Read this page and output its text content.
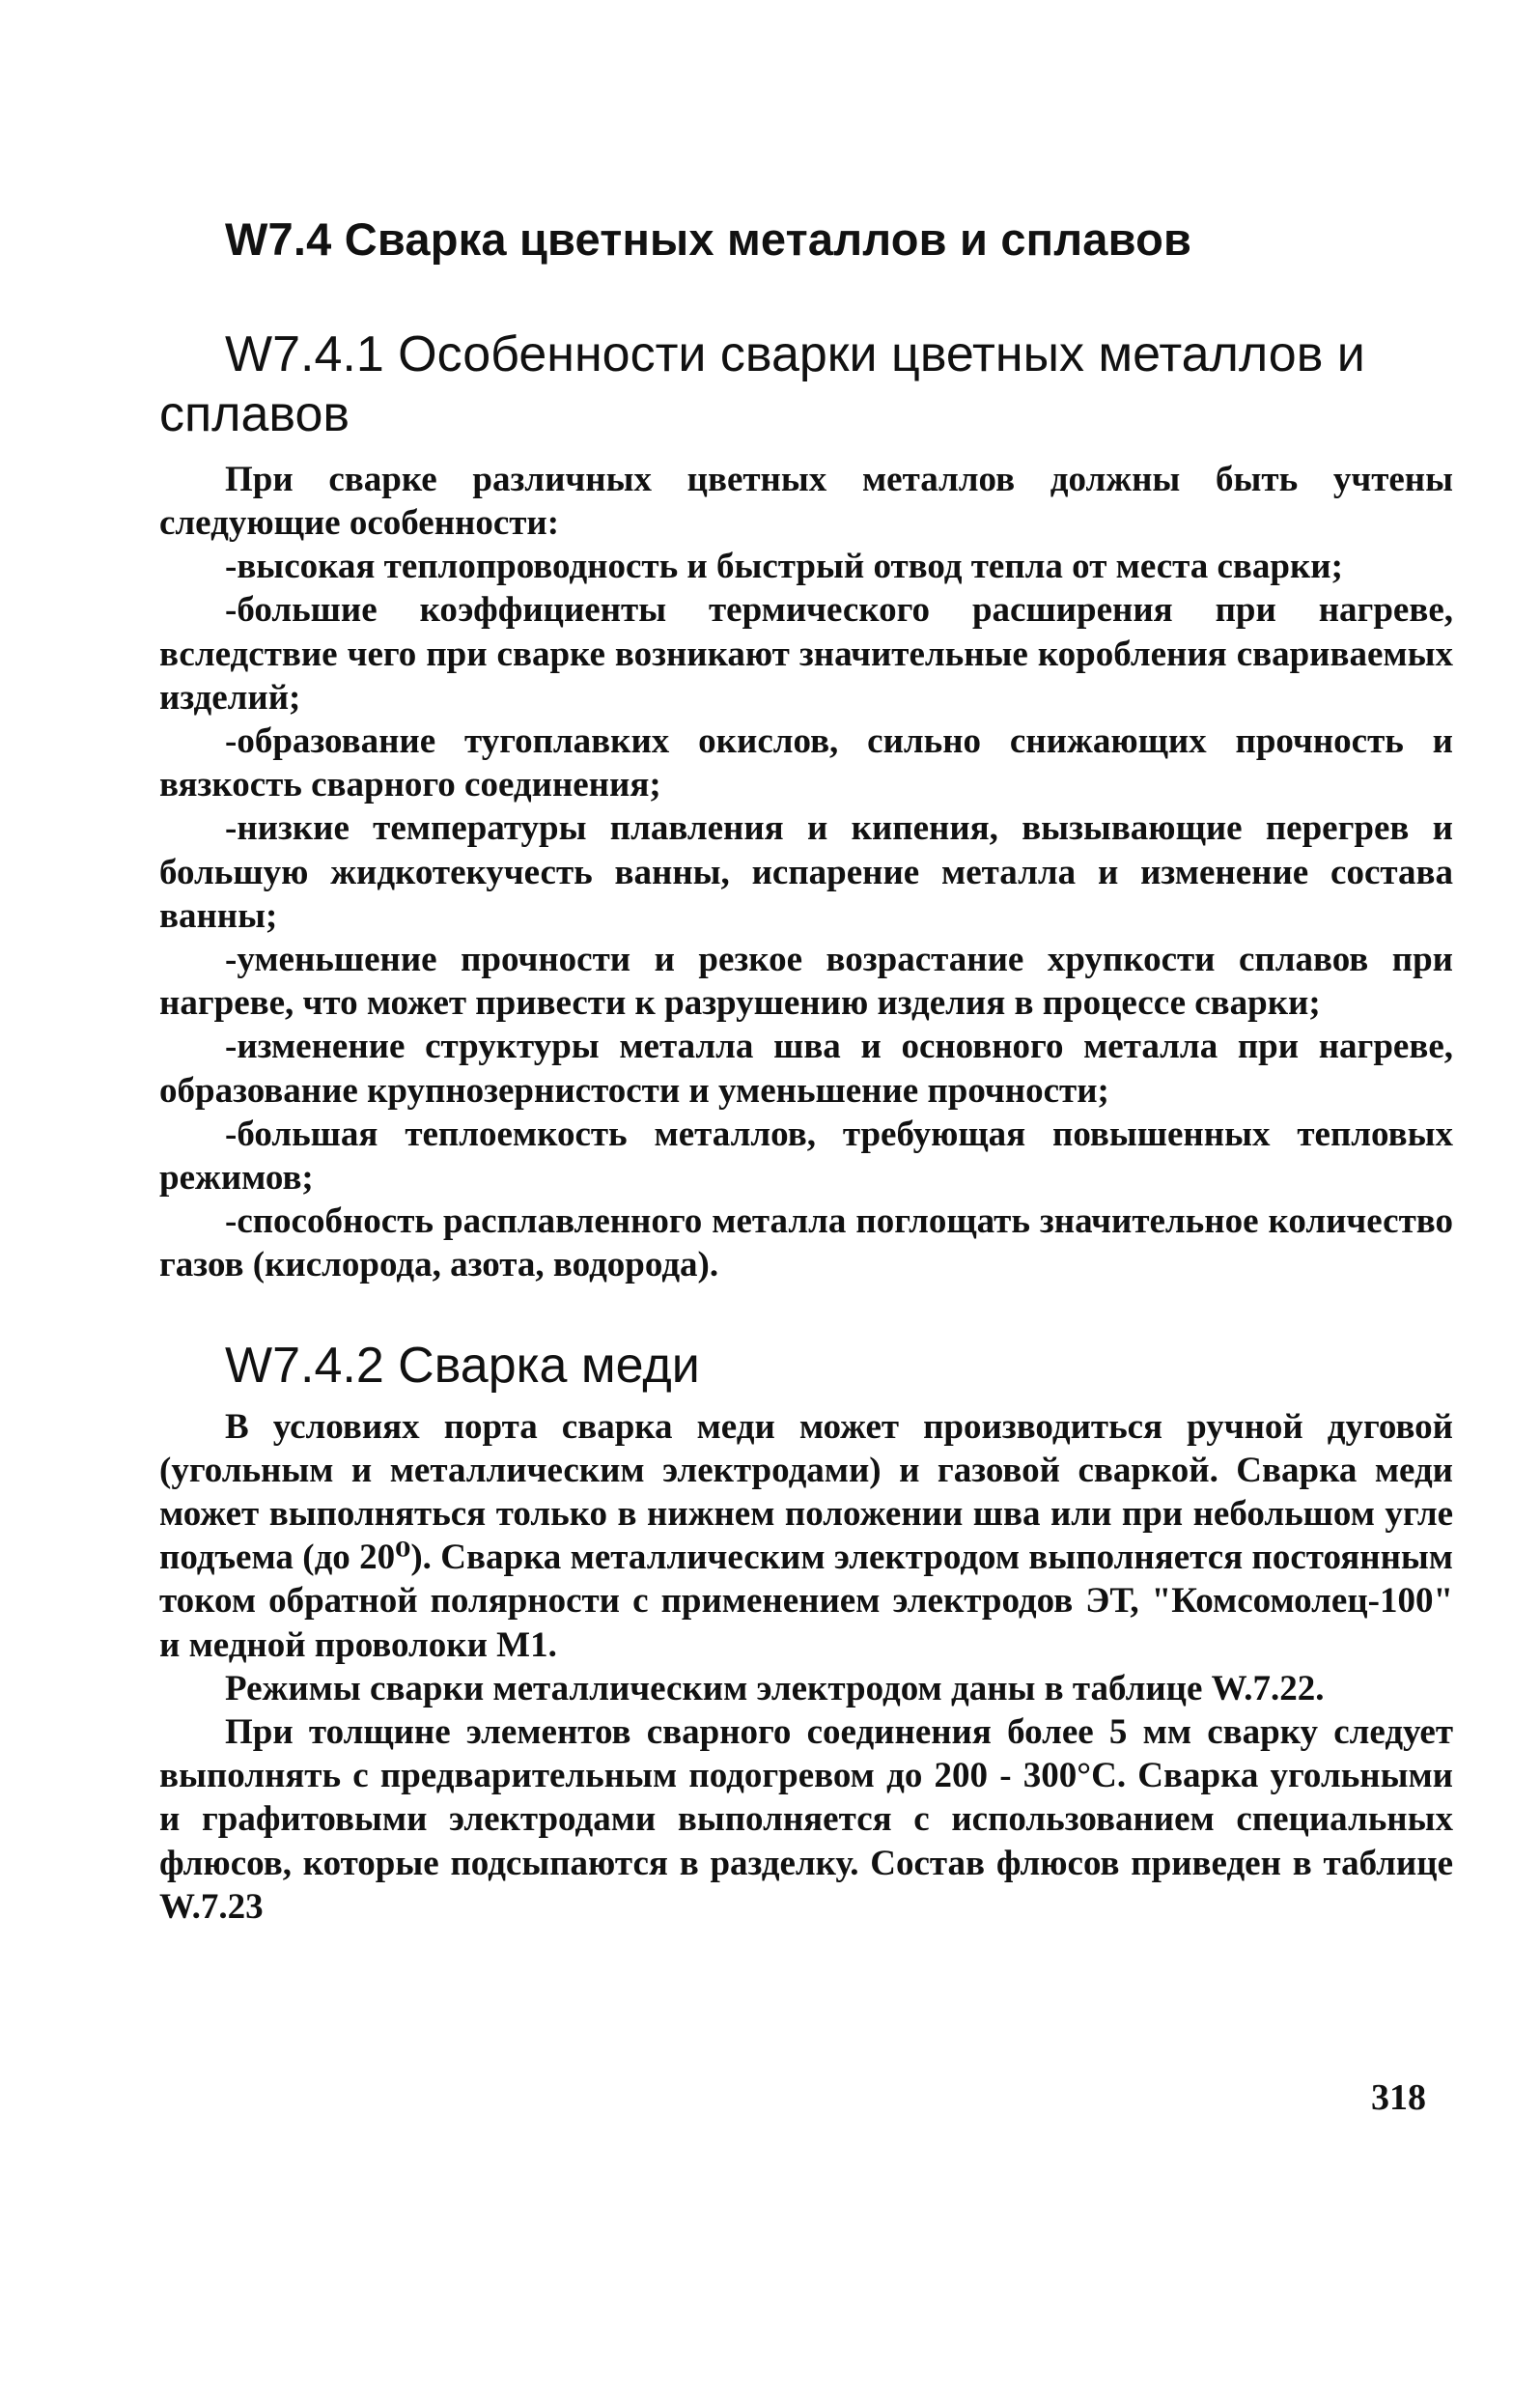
W7.4 Сварка цветных металлов и сплавов
W7.4.1 Особенности сварки цветных металлов и сплавов

При сварке различных цветных металлов должны быть учтены следующие особенности:

-высокая теплопроводность и быстрый отвод тепла от места сварки;

-большие коэффициенты термического расширения при нагреве, вследствие чего при сварке возникают значительные коробления свариваемых изделий;

-образование тугоплавких окислов, сильно снижающих прочность и вязкость сварного соединения;

-низкие температуры плавления и кипения, вызывающие перегрев и большую жидкотекучесть ванны, испарение металла и изменение состава ванны;

-уменьшение прочности и резкое возрастание хрупкости сплавов при нагреве, что может привести к разрушению изделия в процессе сварки;

-изменение структуры металла шва и основного металла при нагреве, образование крупнозернистости и уменьшение прочности;

-большая теплоемкость металлов, требующая повышенных тепловых режимов;

-способность расплавленного металла поглощать значительное количество газов (кислорода, азота, водорода).

W7.4.2 Сварка меди

В условиях порта сварка меди может производиться ручной дуговой (угольным и металлическим электродами) и газовой сваркой. Сварка меди может выполняться только в нижнем положении шва или при небольшом угле подъема (до 20⁰). Сварка металлическим электродом выполняется постоянным током обратной полярности с применением электродов ЭТ, "Комсомолец-100" и медной проволоки М1.

Режимы сварки металлическим электродом даны в таблице W.7.22.

При толщине элементов сварного соединения более 5 мм сварку следует выполнять с предварительным подогревом до 200 - 300°С. Сварка угольными и графитовыми электродами выполняется с использованием специальных флюсов, которые подсыпаются в разделку. Состав флюсов приведен в таблице W.7.23

318
